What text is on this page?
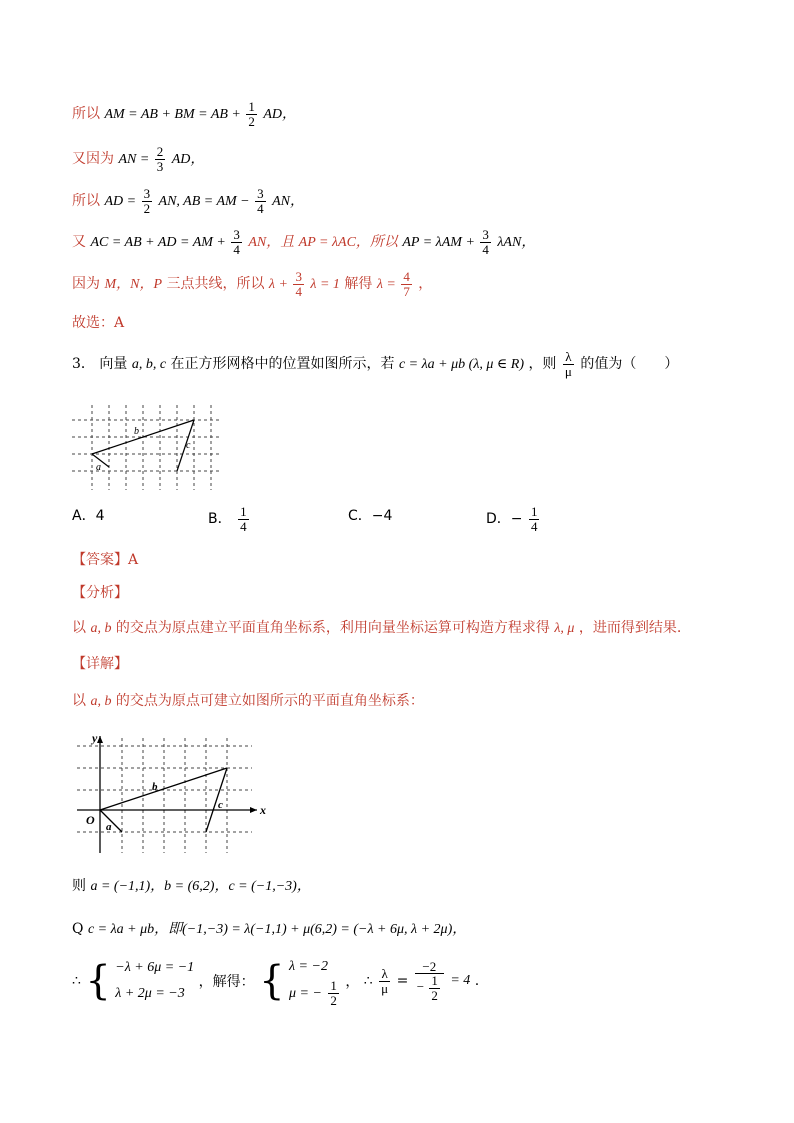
所以 AM = AB + BM = AB + $\frac{1}{2}$ AD，
又因为 AN = $\frac{2}{3}$ AD，
所以 AD = $\frac{3}{2}$ AN, AB = AM − $\frac{3}{4}$ AN，
又 AC = AB + AD = AM + $\frac{3}{4}$ AN，且 AP = λAC，所以 AP = $\lambda AM + \frac{3}{4}$ λAN，
因为 M，N，P 三点共线，所以 $\lambda + \frac{3}{4}$ λ = 1 解得 $\lambda = \frac{4}{7}$ ，
故选：A
3． 向量 a, b, c 在正方形网格中的位置如图所示，若 c = λa + μb (λ, μ ∈ R) ，则 $\frac{\lambda}{\mu}$ 的值为（　　）
b
a
c
A．4	B． $\frac{1}{4}$	C．−4	D．− $\frac{1}{4}$
【答案】A
【分析】
以 a, b 的交点为原点建立平面直角坐标系，利用向量坐标运算可构造方程求得 λ, μ ，进而得到结果.
【详解】
以 a, b 的交点为原点可建立如图所示的平面直角坐标系：
x
y
O
b
a
c
则 a = (−1,1)，b = (6,2)，c = (−1,−3)，
Q c = λa + μb，即(−1,−3) = λ(−1,1) + μ(6,2) = (−λ + 6μ, λ + 2μ)，
∴ { −λ + 6μ = −1
λ + 2μ = −3
，解得： { λ = −2
μ = − $\frac{1}{2}$ ， ∴ $\frac{\lambda}{\mu} = \frac{-2}{- \frac{1}{2}} = 4$ .
